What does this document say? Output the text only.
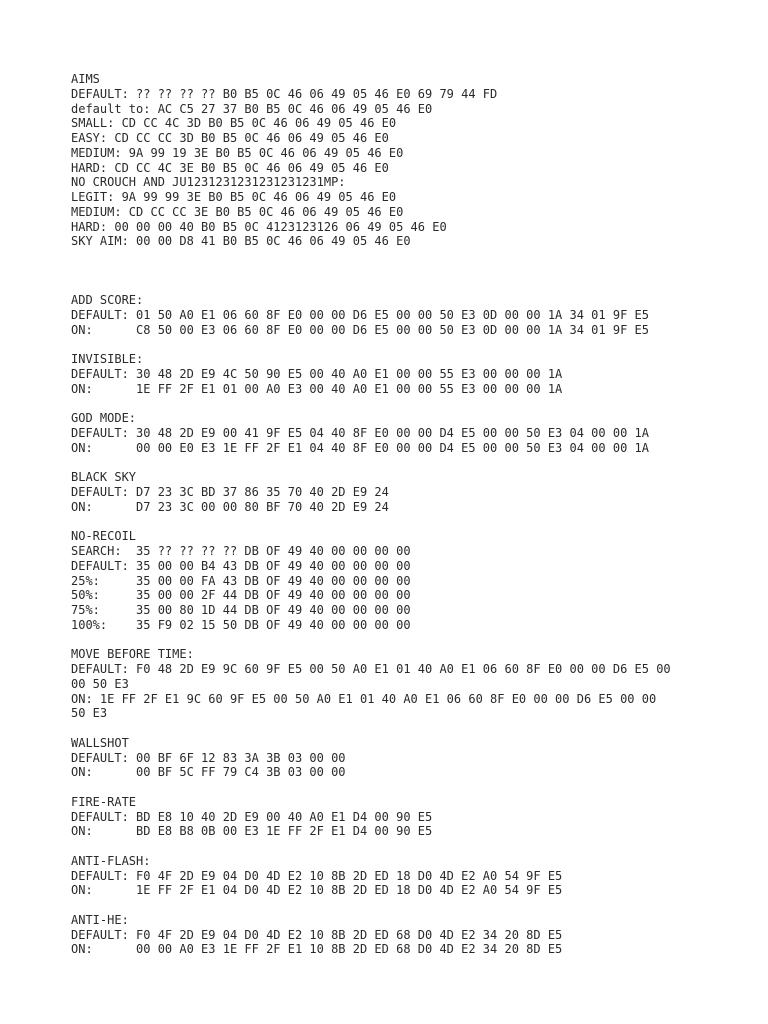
AIMS
DEFAULT: ?? ?? ?? ?? B0 B5 0C 46 06 49 05 46 E0 69 79 44 FD
default to: AC C5 27 37 B0 B5 0C 46 06 49 05 46 E0
SMALL: CD CC 4C 3D B0 B5 0C 46 06 49 05 46 E0
EASY: CD CC CC 3D B0 B5 0C 46 06 49 05 46 E0
MEDIUM: 9A 99 19 3E B0 B5 0C 46 06 49 05 46 E0
HARD: CD CC 4C 3E B0 B5 0C 46 06 49 05 46 E0
NO CROUCH AND JU1231231231231231231MP:
LEGIT: 9A 99 99 3E B0 B5 0C 46 06 49 05 46 E0
MEDIUM: CD CC CC 3E B0 B5 0C 46 06 49 05 46 E0
HARD: 00 00 00 40 B0 B5 0C 4123123126 06 49 05 46 E0
SKY AIM: 00 00 D8 41 B0 B5 0C 46 06 49 05 46 E0
ADD SCORE:
DEFAULT: 01 50 A0 E1 06 60 8F E0 00 00 D6 E5 00 00 50 E3 0D 00 00 1A 34 01 9F E5
ON:      C8 50 00 E3 06 60 8F E0 00 00 D6 E5 00 00 50 E3 0D 00 00 1A 34 01 9F E5
INVISIBLE:
DEFAULT: 30 48 2D E9 4C 50 90 E5 00 40 A0 E1 00 00 55 E3 00 00 00 1A
ON:      1E FF 2F E1 01 00 A0 E3 00 40 A0 E1 00 00 55 E3 00 00 00 1A
GOD MODE:
DEFAULT: 30 48 2D E9 00 41 9F E5 04 40 8F E0 00 00 D4 E5 00 00 50 E3 04 00 00 1A
ON:      00 00 E0 E3 1E FF 2F E1 04 40 8F E0 00 00 D4 E5 00 00 50 E3 04 00 00 1A
BLACK SKY
DEFAULT: D7 23 3C BD 37 86 35 70 40 2D E9 24
ON:      D7 23 3C 00 00 80 BF 70 40 2D E9 24
NO-RECOIL
SEARCH:  35 ?? ?? ?? ?? DB OF 49 40 00 00 00 00
DEFAULT: 35 00 00 B4 43 DB OF 49 40 00 00 00 00
25%:     35 00 00 FA 43 DB OF 49 40 00 00 00 00
50%:     35 00 00 2F 44 DB OF 49 40 00 00 00 00
75%:     35 00 80 1D 44 DB OF 49 40 00 00 00 00
100%:    35 F9 02 15 50 DB OF 49 40 00 00 00 00
MOVE BEFORE TIME:
DEFAULT: F0 48 2D E9 9C 60 9F E5 00 50 A0 E1 01 40 A0 E1 06 60 8F E0 00 00 D6 E5 00
00 50 E3
ON: 1E FF 2F E1 9C 60 9F E5 00 50 A0 E1 01 40 A0 E1 06 60 8F E0 00 00 D6 E5 00 00
50 E3
WALLSHOT
DEFAULT: 00 BF 6F 12 83 3A 3B 03 00 00
ON:      00 BF 5C FF 79 C4 3B 03 00 00
FIRE-RATE
DEFAULT: BD E8 10 40 2D E9 00 40 A0 E1 D4 00 90 E5
ON:      BD E8 B8 0B 00 E3 1E FF 2F E1 D4 00 90 E5
ANTI-FLASH:
DEFAULT: F0 4F 2D E9 04 D0 4D E2 10 8B 2D ED 18 D0 4D E2 A0 54 9F E5
ON:      1E FF 2F E1 04 D0 4D E2 10 8B 2D ED 18 D0 4D E2 A0 54 9F E5
ANTI-HE:
DEFAULT: F0 4F 2D E9 04 D0 4D E2 10 8B 2D ED 68 D0 4D E2 34 20 8D E5
ON:      00 00 A0 E3 1E FF 2F E1 10 8B 2D ED 68 D0 4D E2 34 20 8D E5
